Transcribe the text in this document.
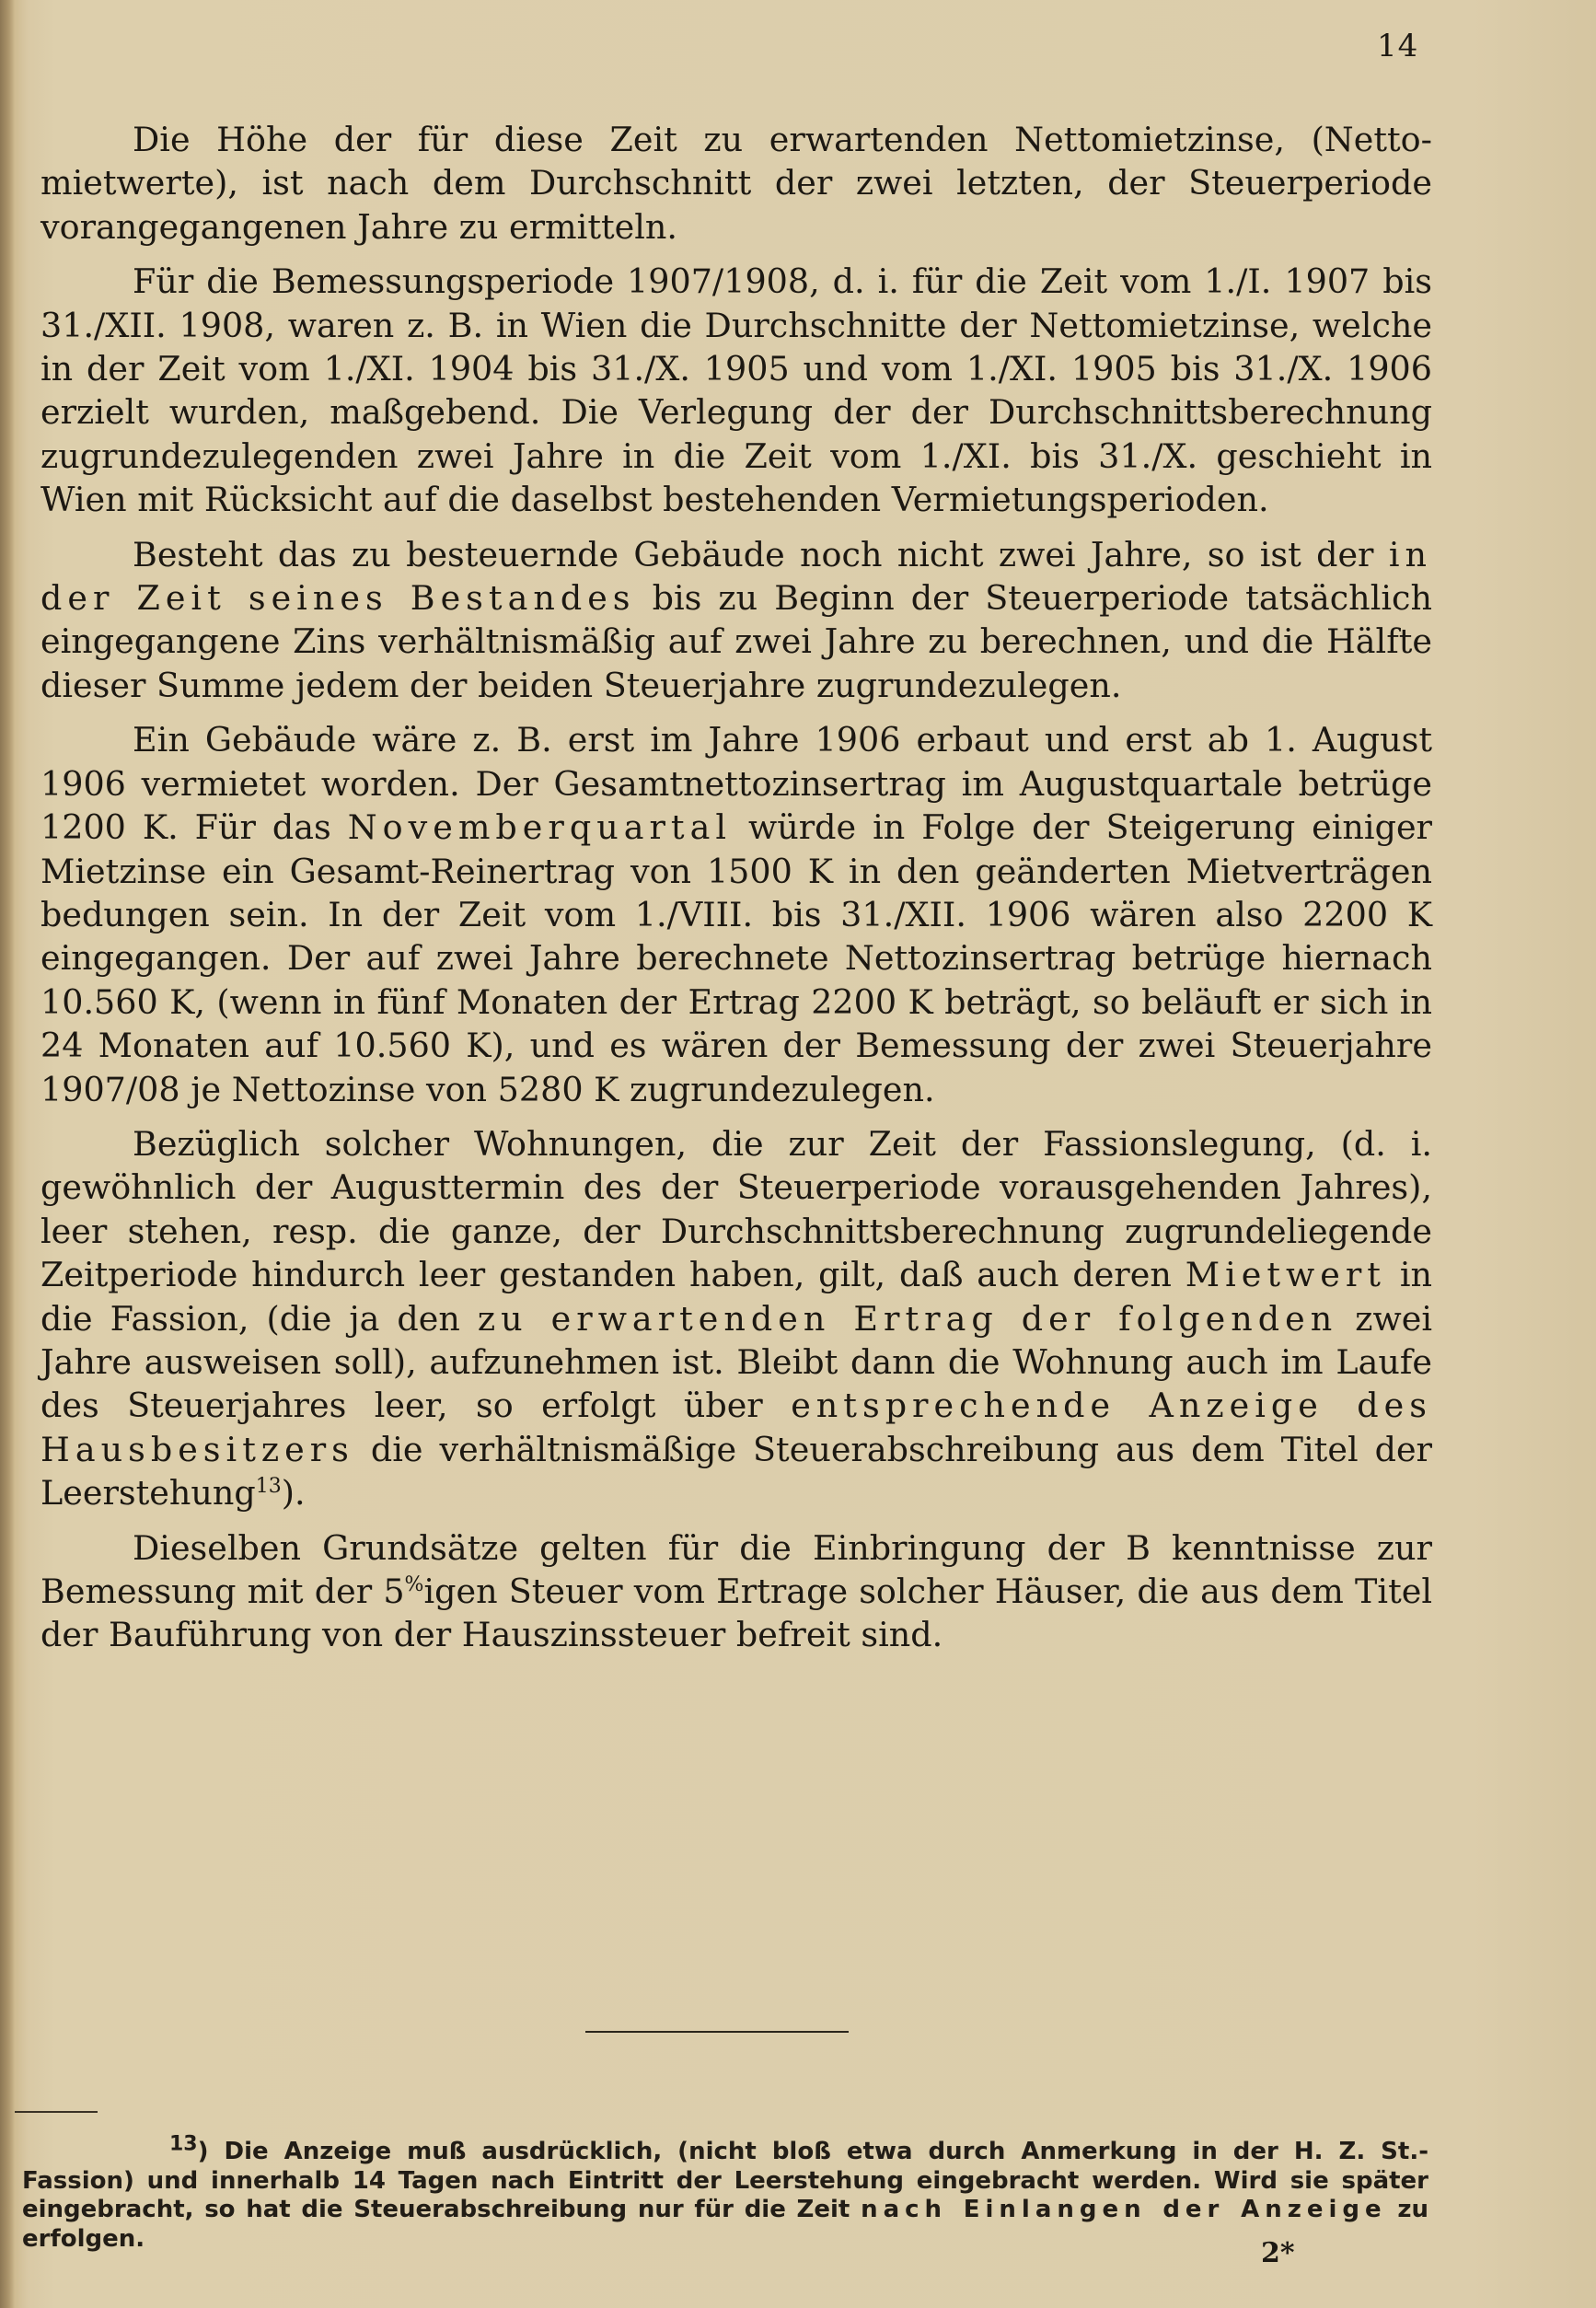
14

Die Höhe der für diese Zeit zu erwartenden Nettomietzinse, (Netto-mietwerte), ist nach dem Durchschnitt der zwei letzten, der Steuerperiode vorangegangenen Jahre zu ermitteln.

Für die Bemessungsperiode 1907/1908, d. i. für die Zeit vom 1./I. 1907 bis 31./XII. 1908, waren z. B. in Wien die Durchschnitte der Nettomietzinse, welche in der Zeit vom 1./XI. 1904 bis 31./X. 1905 und vom 1./XI. 1905 bis 31./X. 1906 erzielt wurden, maßgebend. Die Verlegung der der Durchschnittsberechnung zugrundezulegenden zwei Jahre in die Zeit vom 1./XI. bis 31./X. geschieht in Wien mit Rücksicht auf die daselbst bestehenden Vermietungsperioden.

Besteht das zu besteuernde Gebäude noch nicht zwei Jahre, so ist der in der Zeit seines Bestandes bis zu Beginn der Steuerperiode tatsächlich eingegangene Zins verhältnismäßig auf zwei Jahre zu berechnen, und die Hälfte dieser Summe jedem der beiden Steuerjahre zugrundezulegen.

Ein Gebäude wäre z. B. erst im Jahre 1906 erbaut und erst ab 1. August 1906 vermietet worden. Der Gesamtnettozinsertrag im Augustquartale betrüge 1200 K. Für das Novemberquartal würde in Folge der Steigerung einiger Mietzinse ein Gesamt-Reinertrag von 1500 K in den geänderten Mietverträgen bedungen sein. In der Zeit vom 1./VIII. bis 31./XII. 1906 wären also 2200 K eingegangen. Der auf zwei Jahre berechnete Nettozinsertrag betrüge hiernach 10.560 K, (wenn in fünf Monaten der Ertrag 2200 K beträgt, so beläuft er sich in 24 Monaten auf 10.560 K), und es wären der Bemessung der zwei Steuerjahre 1907/08 je Nettozinse von 5280 K zugrundezulegen.

Bezüglich solcher Wohnungen, die zur Zeit der Fassionslegung, (d. i. gewöhnlich der Augusttermin des der Steuerperiode vorausgehenden Jahres), leer stehen, resp. die ganze, der Durchschnittsberechnung zugrundeliegende Zeitperiode hindurch leer gestanden haben, gilt, daß auch deren Mietwert in die Fassion, (die ja den zu erwartenden Ertrag der folgenden zwei Jahre ausweisen soll), aufzunehmen ist. Bleibt dann die Wohnung auch im Laufe des Steuerjahres leer, so erfolgt über entsprechende Anzeige des Hausbesitzers die verhältnismäßige Steuerabschreibung aus dem Titel der Leerstehung$^{13}$).

Dieselben Grundsätze gelten für die Einbringung der B kenntnisse zur Bemessung mit der 5%igen Steuer vom Ertrage solcher Häuser, die aus dem Titel der Bauführung von der Hauszinssteuer befreit sind.

$^{13}$) Die Anzeige muß ausdrücklich, (nicht bloß etwa durch Anmerkung in der H. Z. St.-Fassion) und innerhalb 14 Tagen nach Eintritt der Leerstehung eingebracht werden. Wird sie später eingebracht, so hat die Steuerabschreibung nur für die Zeit nach Einlangen der Anzeige zu erfolgen.	2*
